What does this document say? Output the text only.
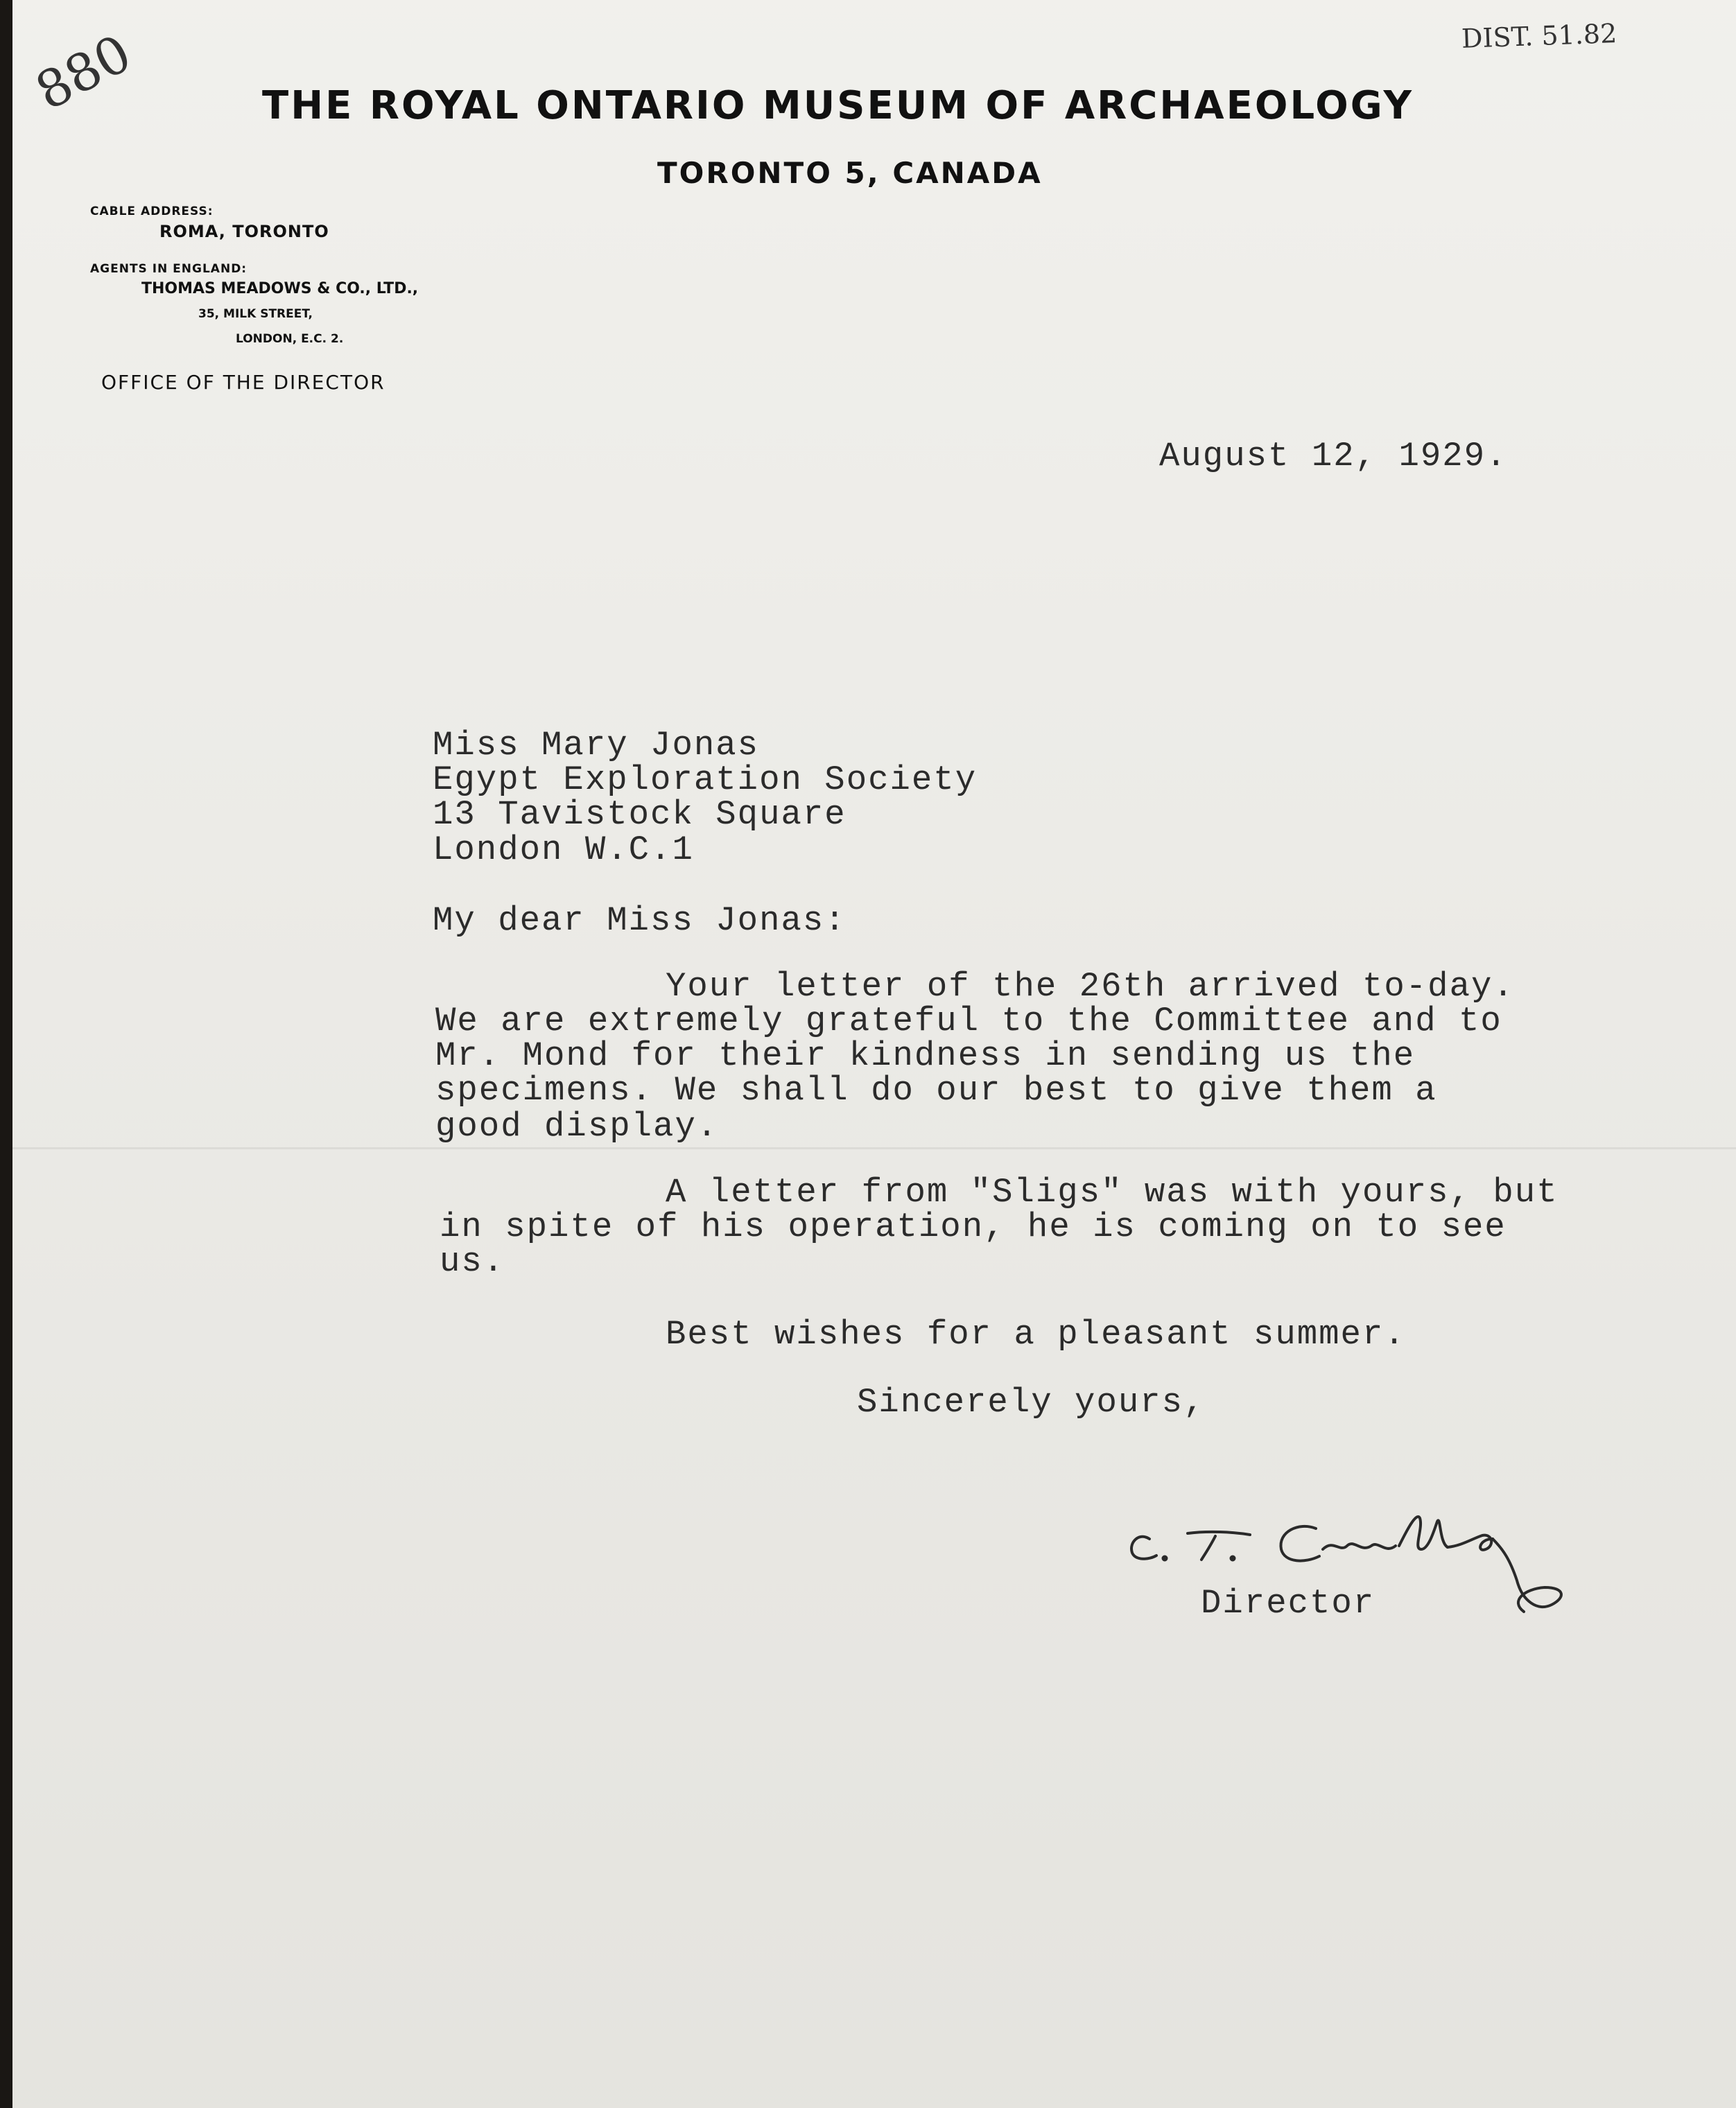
880	DIST. 51.82
THE ROYAL ONTARIO MUSEUM OF ARCHAEOLOGY
TORONTO 5, CANADA
CABLE ADDRESS:
ROMA, TORONTO
AGENTS IN ENGLAND:
THOMAS MEADOWS & CO., LTD.,
35, MILK STREET,
LONDON, E.C. 2.
OFFICE OF THE DIRECTOR
August 12, 1929.
Miss Mary Jonas
Egypt Exploration Society
13 Tavistock Square
London W.C.1
My dear Miss Jonas:
Your letter of the 26th arrived to-day.
We are extremely grateful to the Committee and to
Mr. Mond for their kindness in sending us the
specimens. We shall do our best to give them a
good display.
A letter from "Sligs" was with yours, but
in spite of his operation, he is coming on to see
us.
Best wishes for a pleasant summer.
Sincerely yours,
Director
